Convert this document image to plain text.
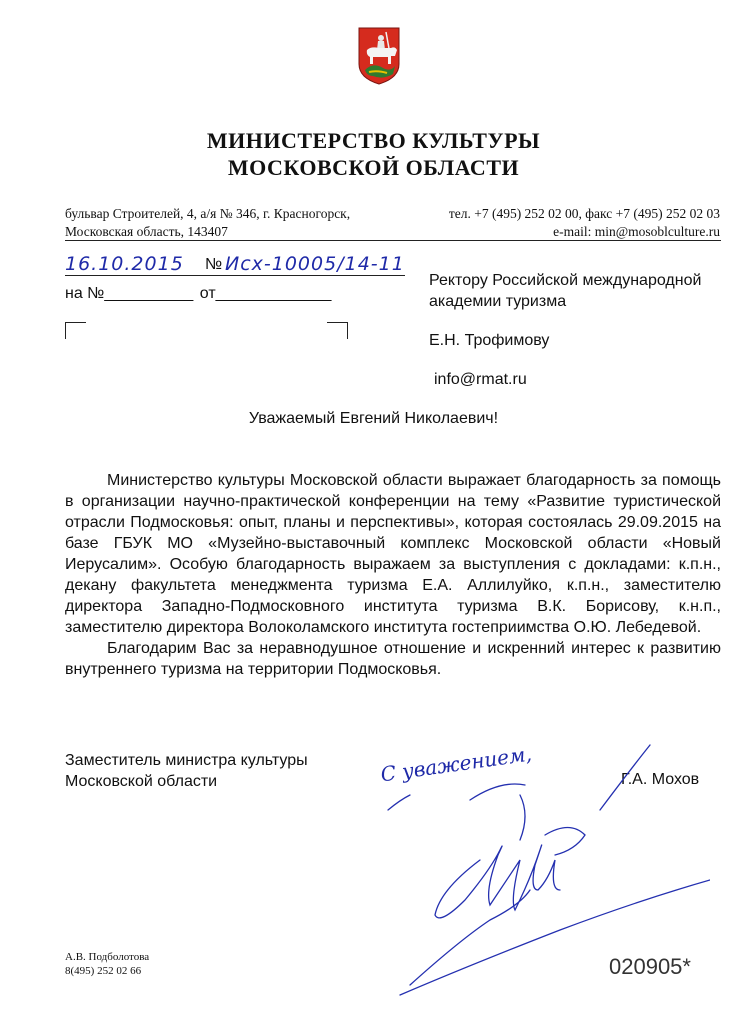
МИНИСТЕРСТВО КУЛЬТУРЫ
МОСКОВСКОЙ ОБЛАСТИ
бульвар Строителей, 4, а/я № 346, г. Красногорск,
Московская область, 143407
тел. +7 (495) 252 02 00, факс +7 (495) 252 02 03
e-mail: min@mosoblculture.ru
16.10.2015 № Исх-10005/14-11
на №__________ от_____________
Ректору Российской международной
академии туризма
Е.Н. Трофимову
info@rmat.ru
Уважаемый Евгений Николаевич!

Министерство культуры Московской области выражает благодарность за помощь в организации научно-практической конференции на тему «Развитие туристической отрасли Подмосковья: опыт, планы и перспективы», которая состоялась 29.09.2015 на базе ГБУК МО «Музейно-выставочный комплекс Московской области «Новый Иерусалим». Особую благодарность выражаем за выступления с докладами: к.п.н., декану факультета менеджмента туризма Е.А. Аллилуйко, к.п.н., заместителю директора Западно-Подмосковного института туризма В.К. Борисову, к.н.п., заместителю директора Волоколамского института гостеприимства О.Ю. Лебедевой.

Благодарим Вас за неравнодушное отношение и искренний интерес к развитию внутреннего туризма на территории Подмосковья.

Заместитель министра культуры
Московской области	С уважением,	Г.А. Мохов
А.В. Подболотова
8(495) 252 02 66	020905*
